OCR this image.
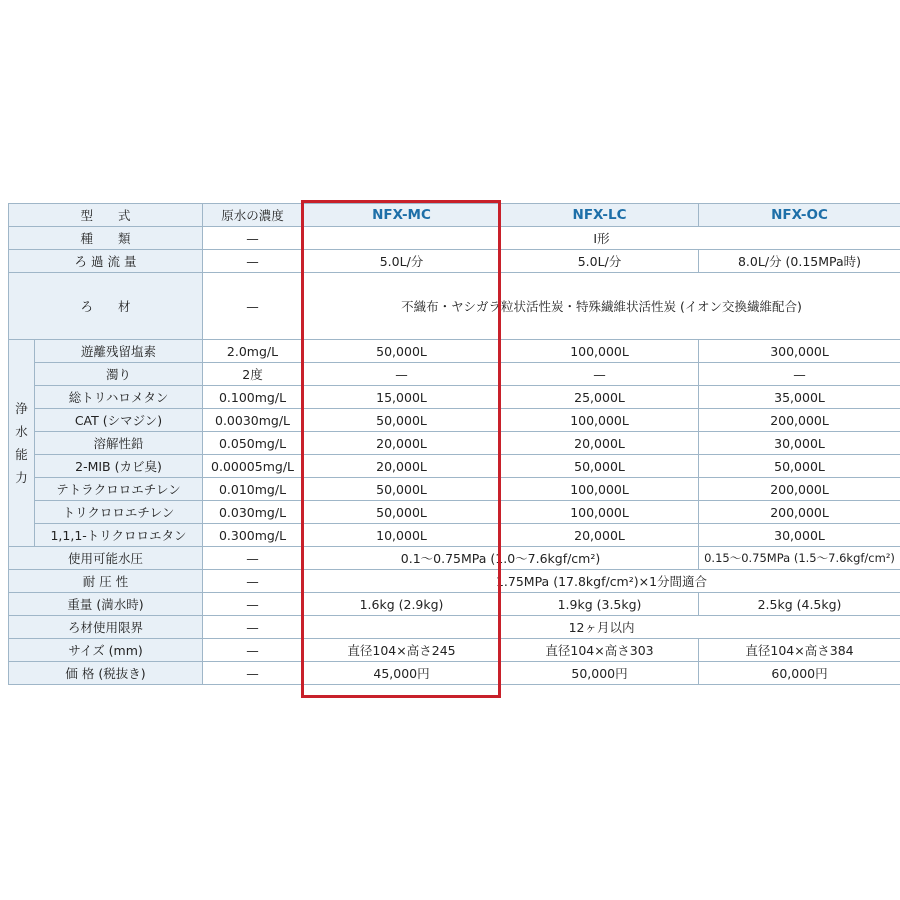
型　　式		原水の濃度	NFX-MC	NFX-LC	NFX-OC
種　　類		—	Ⅰ形		
ろ 過 流 量		—	5.0L/分	5.0L/分	8.0L/分 (0.15MPa時)
ろ　　材		—	不織布・ヤシガラ粒状活性炭・特殊繊維状活性炭 (イオン交換繊維配合)		

浄
水
能
力	遊離残留塩素	2.0mg/L	50,000L	100,000L	300,000L
	濁り	2度	—	—	—
	総トリハロメタン	0.100mg/L	15,000L	25,000L	35,000L
	CAT (シマジン)	0.0030mg/L	50,000L	100,000L	200,000L
	溶解性鉛	0.050mg/L	20,000L	20,000L	30,000L
	2-MIB (カビ臭)	0.00005mg/L	20,000L	50,000L	50,000L
	テトラクロロエチレン	0.010mg/L	50,000L	100,000L	200,000L
	トリクロロエチレン	0.030mg/L	50,000L	100,000L	200,000L
	1,1,1-トリクロロエタン	0.300mg/L	10,000L	20,000L	30,000L
使用可能水圧		—	0.1〜0.75MPa (1.0〜7.6kgf/cm²)		0.15〜0.75MPa (1.5〜7.6kgf/cm²)
耐 圧 性		—	1.75MPa (17.8kgf/cm²)×1分間適合		
重量 (満水時)		—	1.6kg (2.9kg)	1.9kg (3.5kg)	2.5kg (4.5kg)
ろ材使用限界		—	12ヶ月以内		
サイズ (mm)		—	直径104×高さ245	直径104×高さ303	直径104×高さ384
価 格 (税抜き)		—	45,000円	50,000円	60,000円
